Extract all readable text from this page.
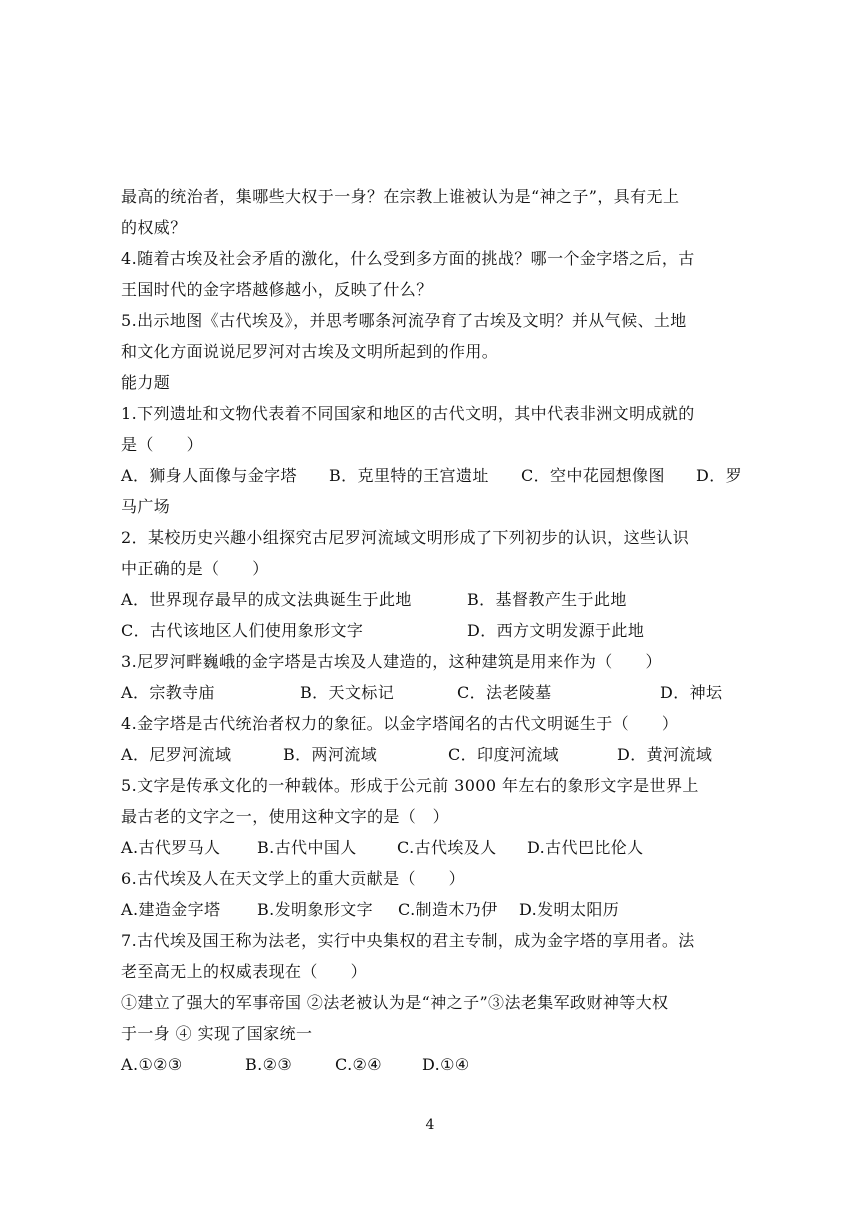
最高的统治者，集哪些大权于一身？在宗教上谁被认为是“神之子”，具有无上
的权威？
4.随着古埃及社会矛盾的激化，什么受到多方面的挑战？哪一个金字塔之后，古
王国时代的金字塔越修越小，反映了什么？
5.出示地图《古代埃及》，并思考哪条河流孕育了古埃及文明？并从气候、土地
和文化方面说说尼罗河对古埃及文明所起到的作用。
能力题
1.下列遗址和文物代表着不同国家和地区的古代文明，其中代表非洲文明成就的
是（　　）
A．狮身人面像与金字塔 B．克里特的王宫遗址 C．空中花园想像图 D．罗
马广场
2．某校历史兴趣小组探究古尼罗河流域文明形成了下列初步的认识，这些认识
中正确的是（　　）
A．世界现存最早的成文法典诞生于此地	B．基督教产生于此地
C．古代该地区人们使用象形文字	D．西方文明发源于此地
3.尼罗河畔巍峨的金字塔是古埃及人建造的，这种建筑是用来作为（　　）
A．宗教寺庙	B．天文标记	C．法老陵墓	D．神坛
4.金字塔是古代统治者权力的象征。以金字塔闻名的古代文明诞生于（　　）
A．尼罗河流域	B．两河流域	C．印度河流域	D．黄河流域
5.文字是传承文化的一种载体。形成于公元前 3000 年左右的象形文字是世界上
最古老的文字之一，使用这种文字的是（　）
A.古代罗马人 B.古代中国人	C.古代埃及人 D.古代巴比伦人
6.古代埃及人在天文学上的重大贡献是（　　）
A.建造金字塔 B.发明象形文字 C.制造木乃伊 D.发明太阳历
7.古代埃及国王称为法老，实行中央集权的君主专制，成为金字塔的享用者。法
老至高无上的权威表现在（　　）
①建立了强大的军事帝国 ②法老被认为是“神之子”③法老集军政财神等大权
于一身 ④ 实现了国家统一
A.①②③	B.②③	C.②④ D.①④
4
